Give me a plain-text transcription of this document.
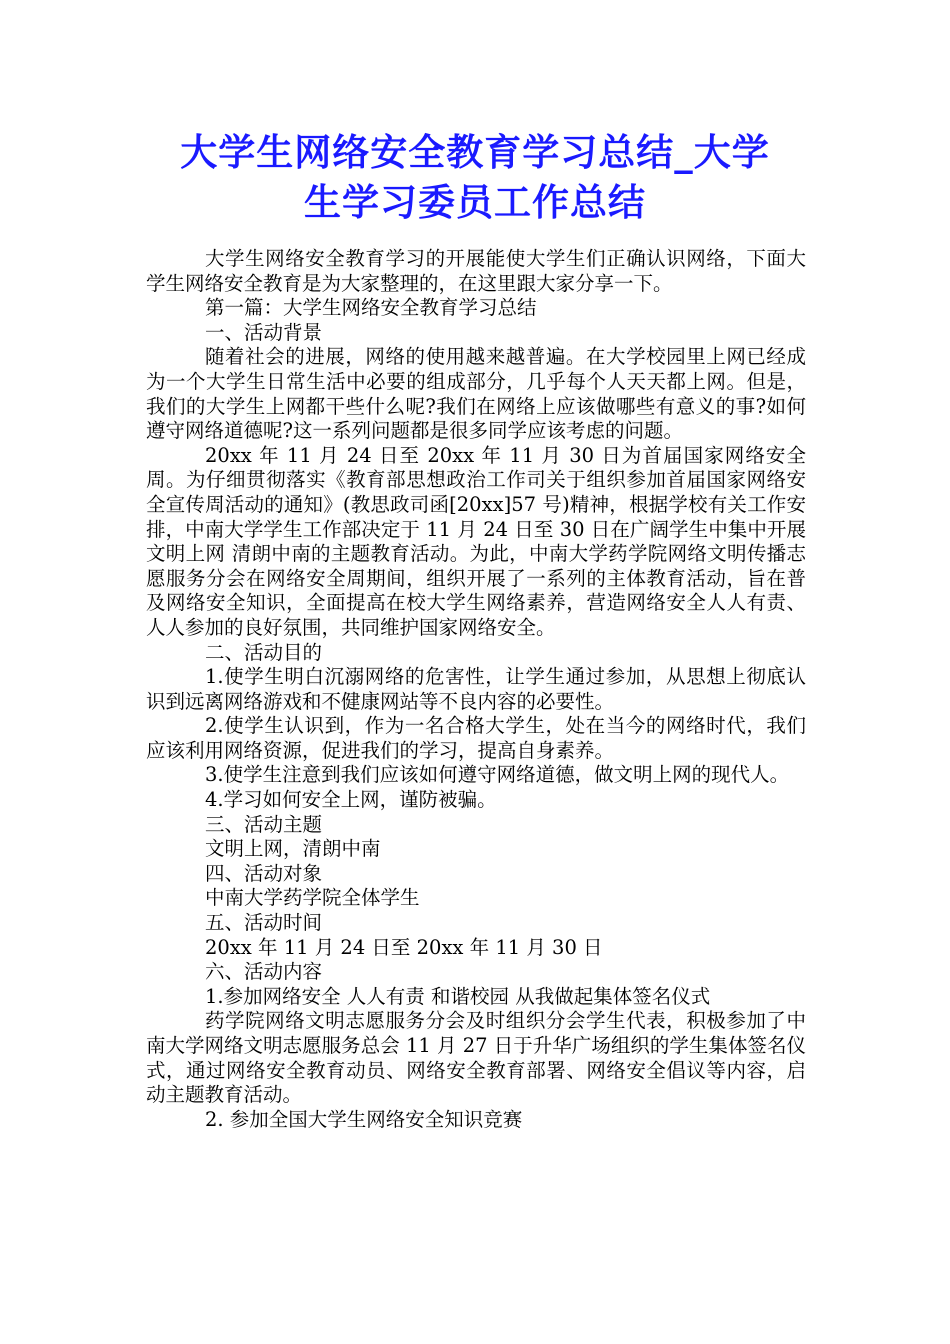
大学生网络安全教育学习总结_大学
生学习委员工作总结

大学生网络安全教育学习的开展能使大学生们正确认识网络，下面大学生网络安全教育是为大家整理的，在这里跟大家分享一下。

第一篇：大学生网络安全教育学习总结

一、活动背景

随着社会的进展，网络的使用越来越普遍。在大学校园里上网已经成为一个大学生日常生活中必要的组成部分，几乎每个人天天都上网。但是，我们的大学生上网都干些什么呢?我们在网络上应该做哪些有意义的事?如何遵守网络道德呢?这一系列问题都是很多同学应该考虑的问题。

20xx 年 11 月 24 日至 20xx 年 11 月 30 日为首届国家网络安全周。为仔细贯彻落实《教育部思想政治工作司关于组织参加首届国家网络安全宣传周活动的通知》(教思政司函[20xx]57 号)精神，根据学校有关工作安排，中南大学学生工作部决定于 11 月 24 日至 30 日在广阔学生中集中开展文明上网 清朗中南的主题教育活动。为此，中南大学药学院网络文明传播志愿服务分会在网络安全周期间，组织开展了一系列的主体教育活动，旨在普及网络安全知识，全面提高在校大学生网络素养，营造网络安全人人有责、人人参加的良好氛围，共同维护国家网络安全。

二、活动目的

1.使学生明白沉溺网络的危害性，让学生通过参加，从思想上彻底认识到远离网络游戏和不健康网站等不良内容的必要性。

2.使学生认识到，作为一名合格大学生，处在当今的网络时代，我们应该利用网络资源，促进我们的学习，提高自身素养。

3.使学生注意到我们应该如何遵守网络道德，做文明上网的现代人。

4.学习如何安全上网，谨防被骗。

三、活动主题

文明上网，清朗中南

四、活动对象

中南大学药学院全体学生

五、活动时间

20xx 年 11 月 24 日至 20xx 年 11 月 30 日

六、活动内容

1.参加网络安全 人人有责 和谐校园 从我做起集体签名仪式

药学院网络文明志愿服务分会及时组织分会学生代表，积极参加了中南大学网络文明志愿服务总会 11 月 27 日于升华广场组织的学生集体签名仪式，通过网络安全教育动员、网络安全教育部署、网络安全倡议等内容，启动主题教育活动。

2. 参加全国大学生网络安全知识竞赛
